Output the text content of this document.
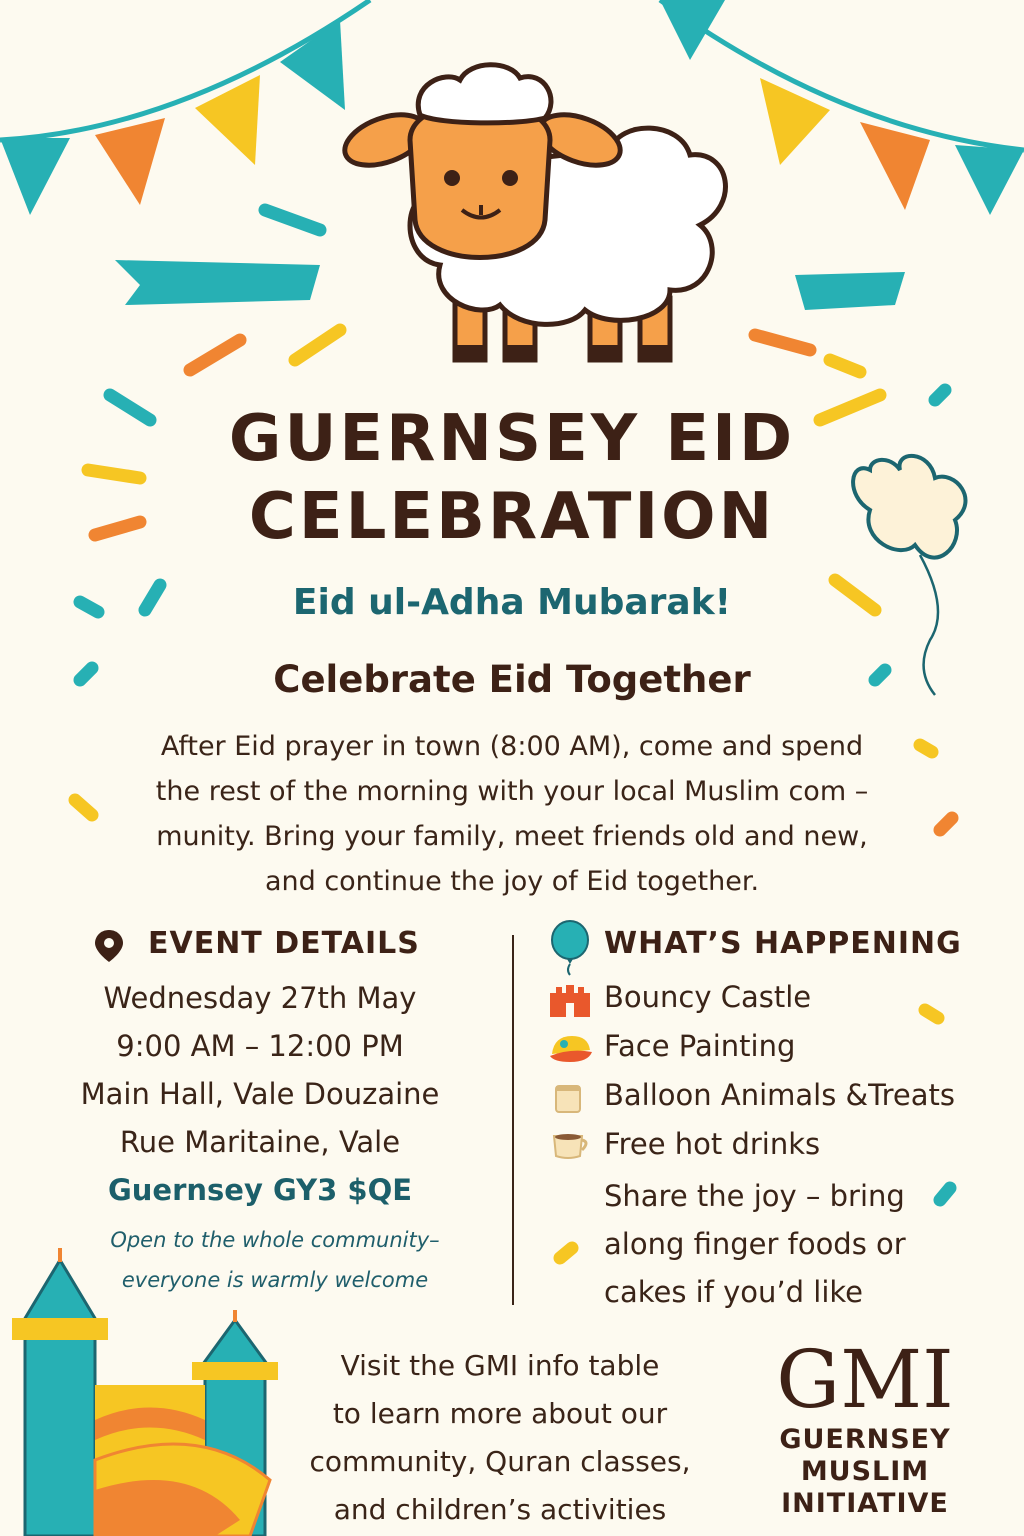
GUERNSEY EID
CELEBRATION
Eid ul-Adha Mubarak!
Celebrate Eid Together
After Eid prayer in town (8:00 AM), come and spend
the rest of the morning with your local Muslim com –
munity. Bring your family, meet friends old and new,
and continue the joy of Eid together.
EVENT DETAILS
Wednesday 27th May
9:00 AM – 12:00 PM
Main Hall, Vale Douzaine
Rue Maritaine, Vale
Guernsey GY3 $QE
Open to the whole community–
everyone is warmly welcome
WHAT’S HAPPENING
Bouncy Castle
Face Painting
Balloon Animals &Treats
Free hot drinks
Share the joy – bring
along finger foods or
cakes if you’d like
Visit the GMI info table
to learn more about our
community, Quran classes,
and children’s activities
GMI
GUERNSEY
MUSLIM
INITIATIVE
